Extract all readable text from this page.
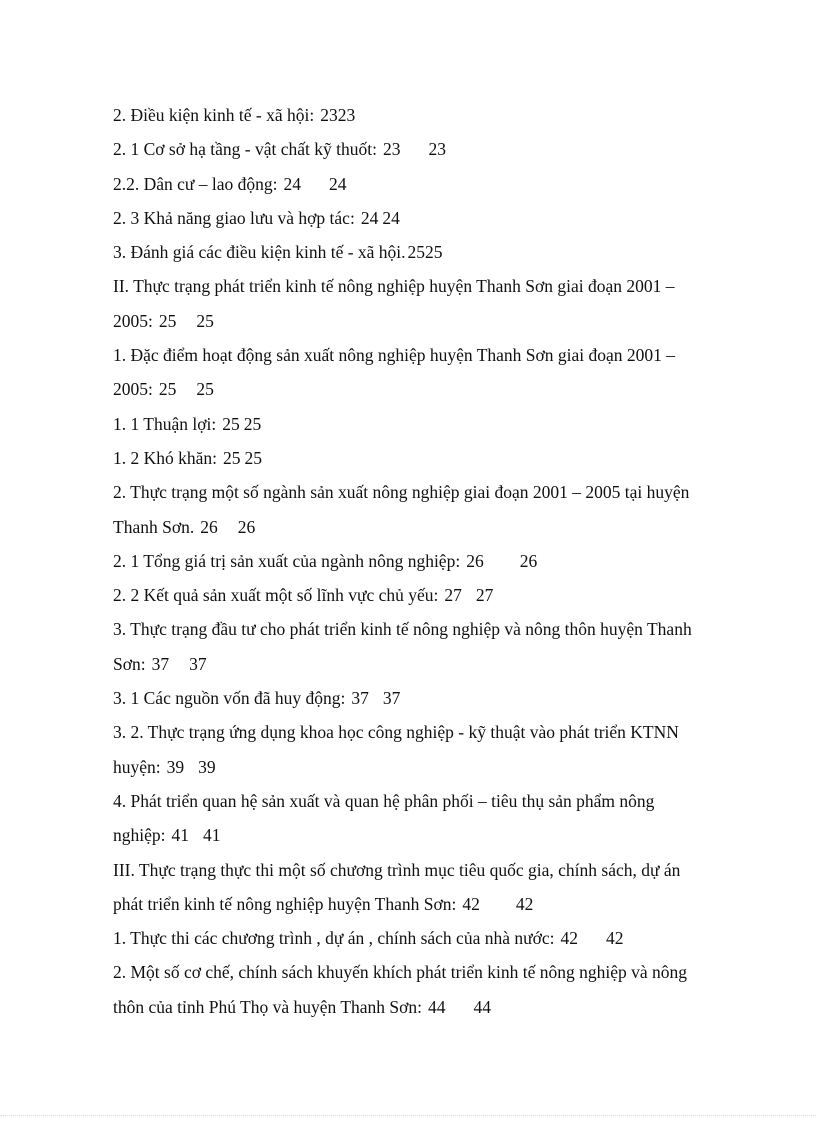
2. Điều kiện kinh tế - xã hội: 2323
2. 1 Cơ sở hạ tầng - vật chất kỹ thuốt: 23 23
2.2. Dân cư – lao động: 24 24
2. 3 Khả năng giao lưu và hợp tác: 24 24
3. Đánh giá các điều kiện kinh tế - xã hội. 2525
II. Thực trạng phát triển kinh tế nông nghiệp huyện Thanh Sơn giai đoạn 2001 –
2005: 25 25
1. Đặc điểm hoạt động sản xuất nông nghiệp huyện Thanh Sơn giai đoạn 2001 –
2005: 25 25
1. 1 Thuận lợi: 25 25
1. 2 Khó khăn: 25 25
2. Thực trạng một số ngành sản xuất nông nghiệp giai đoạn 2001 – 2005 tại huyện
Thanh Sơn. 26 26
2. 1 Tổng giá trị sản xuất của ngành nông nghiệp: 26 26
2. 2 Kết quả sản xuất một số lĩnh vực chủ yếu: 27 27
3. Thực trạng đầu tư cho phát triển kinh tế nông nghiệp và nông thôn huyện Thanh
Sơn: 37 37
3. 1 Các nguồn vốn đã huy động: 37 37
3. 2. Thực trạng ứng dụng khoa học công nghiệp - kỹ thuật vào phát triển KTNN
huyện: 39 39
4. Phát triển quan hệ sản xuất và quan hệ phân phối – tiêu thụ sản phẩm nông
nghiệp: 41 41
III. Thực trạng thực thi một số chương trình mục tiêu quốc gia, chính sách, dự án
phát triển kinh tế nông nghiệp huyện Thanh Sơn: 42 42
1. Thực thi các chương trình , dự án , chính sách của nhà nước: 42 42
2. Một số cơ chế, chính sách khuyến khích phát triển kinh tế nông nghiệp và nông
thôn của tỉnh Phú Thọ và huyện Thanh Sơn: 44 44
